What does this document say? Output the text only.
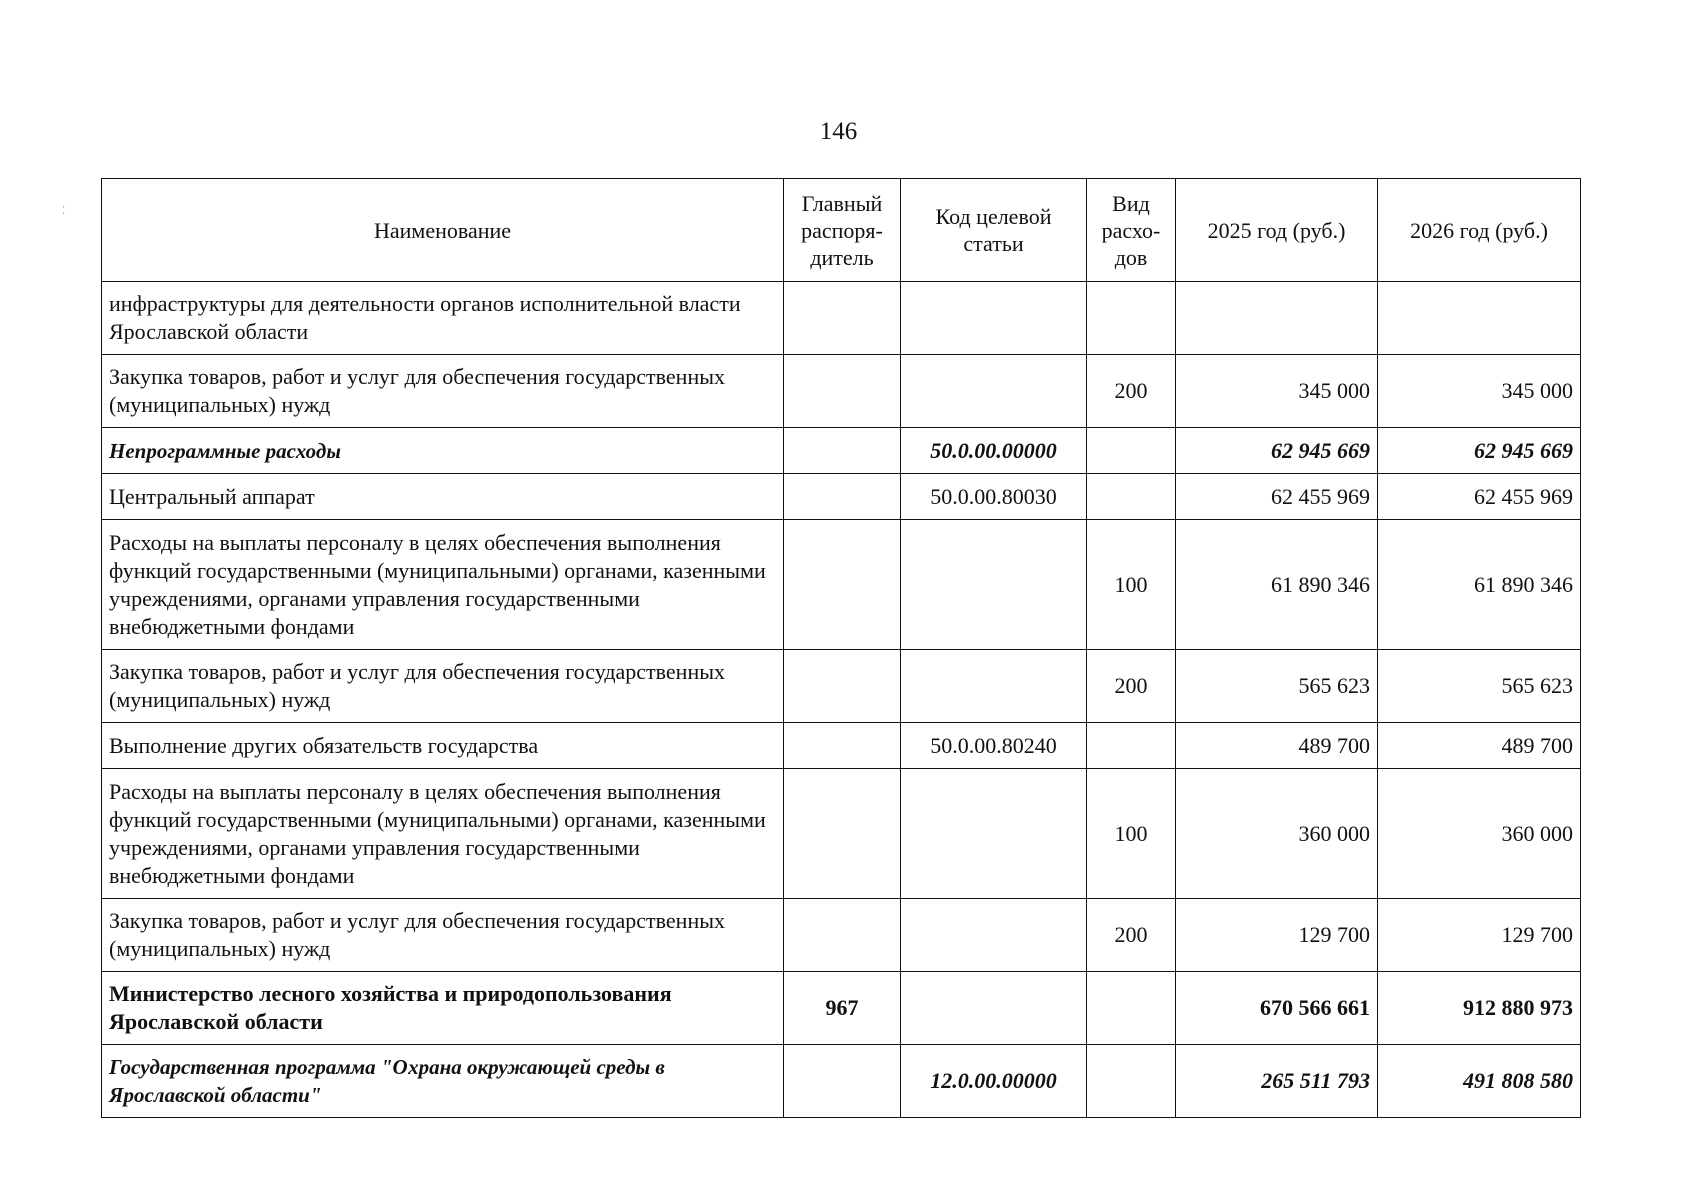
146
· ·
Наименование	Главный распоря-дитель	Код целевой статьи	Вид расхо-дов	2025 год (руб.)	2026 год (руб.)
инфраструктуры для деятельности органов исполнительной власти Ярославской области					
Закупка товаров, работ и услуг для обеспечения государственных (муниципальных) нужд			200	345 000	345 000
Непрограммные расходы		50.0.00.00000		62 945 669	62 945 669
Центральный аппарат		50.0.00.80030		62 455 969	62 455 969
Расходы на выплаты персоналу в целях обеспечения выполнения функций государственными (муниципальными) органами, казенными учреждениями, органами управления государственными внебюджетными фондами			100	61 890 346	61 890 346
Закупка товаров, работ и услуг для обеспечения государственных (муниципальных) нужд			200	565 623	565 623
Выполнение других обязательств государства		50.0.00.80240		489 700	489 700
Расходы на выплаты персоналу в целях обеспечения выполнения функций государственными (муниципальными) органами, казенными учреждениями, органами управления государственными внебюджетными фондами			100	360 000	360 000
Закупка товаров, работ и услуг для обеспечения государственных (муниципальных) нужд			200	129 700	129 700
Министерство лесного хозяйства и природопользования Ярославской области	967			670 566 661	912 880 973
Государственная программа "Охрана окружающей среды в Ярославской области"		12.0.00.00000		265 511 793	491 808 580
